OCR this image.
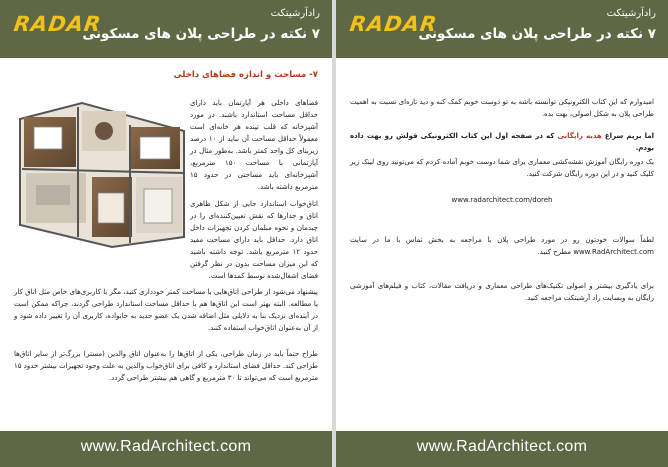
RADAR	رادآرشیتکت
۷ نکته در طراحی پلان های مسکونی
۷- مساحت و اندازه فضاهای داخلی

فضاهای داخلی هر آپارتمان باید دارای حداقل مساحت استاندارد باشند. در مورد آشپزخانه که قلب تپنده هر خانه‌ای است معمولاً حداقل مساحت آن نباید از ۱۰ درصد زیربنای کل واحد کمتر باشد. به‌طور مثال در آپارتمانی با مساحت ۱۵۰ مترمربع، آشپزخانه‌ای باید مساحتی در حدود ۱۵ مترمربع داشته باشد.

اتاق‌خواب استاندارد جایی از شکل ظاهری اتاق و جدارها که نقش تعیین‌کننده‌ای را در چیدمان و نحوه مبلمان کردن تجهیزات داخل اتاق دارد. حداقل باید دارای مساحت مفید حدود ۱۲ مترمربع باشد. توجه داشته باشید که این میزان مساحت بدون در نظر گرفتن فضای اشغال‌شده توسط کمدها است.

پیشنهاد می‌شود از طراحی اتاق‌هایی با مساحت کمتر خودداری کنید، مگر با کاربری‌های خاص مثل اتاق کار یا مطالعه. البته بهتر است این اتاق‌ها هم با حداقل مساحت استاندارد طراحی گردند، چراکه ممکن است در آینده‌ای نزدیک بنا به دلایلی مثل اضافه شدن یک عضو جدید به خانواده، کاربری آن را تغییر داده شود و از آن به‌عنوان اتاق‌خواب استفاده کنند.

طراح حتماً باید در زمان طراحی، یکی از اتاق‌ها را به‌عنوان اتاق والدین (مستر) بزرگ‌تر از سایر اتاق‌ها طراحی کند. حداقل فضای استاندارد و کافی برای اتاق‌خواب والدین به علت وجود تجهیزات بیشتر حدود ۱۵ مترمربع است که می‌تواند تا ۳۰ مترمربع و گاهی هم بیشتر طراحی گردد.

www.RadArchitect.com
RADAR	رادآرشیتکت
۷ نکته در طراحی پلان های مسکونی

امیدوارم که این کتاب الکترونیکی توانسته باشه به تو دوست خوبم کمک کنه و دید تازه‌ای نسبت به اهمیت طراحی پلان به شکل اصولی، بهت بده.

اما بریم سراغ هدیه رایگانی که در صفحه اول این کتاب الکترونیکی قولش رو بهت داده بودم.

یک دوره رایگان آموزش نقشه‌کشی معماری برای شما دوست خوبم آماده کردم که می‌تونید روی لینک زیر کلیک کنید و در این دوره رایگان شرکت کنید.

www.radarchitect.com/doreh

لطفاً سوالات خودتون رو در مورد طراحی پلان با مراجعه به بخش تماس با ما در سایت www.RadArchitect.com مطرح کنید.

برای یادگیری بیشتر و اصولی تکنیک‌های طراحی معماری و دریافت مقالات، کتاب و فیلم‌های آموزشی رایگان به وبسایت راد آرشیتکت مراجعه کنید.

www.RadArchitect.com
